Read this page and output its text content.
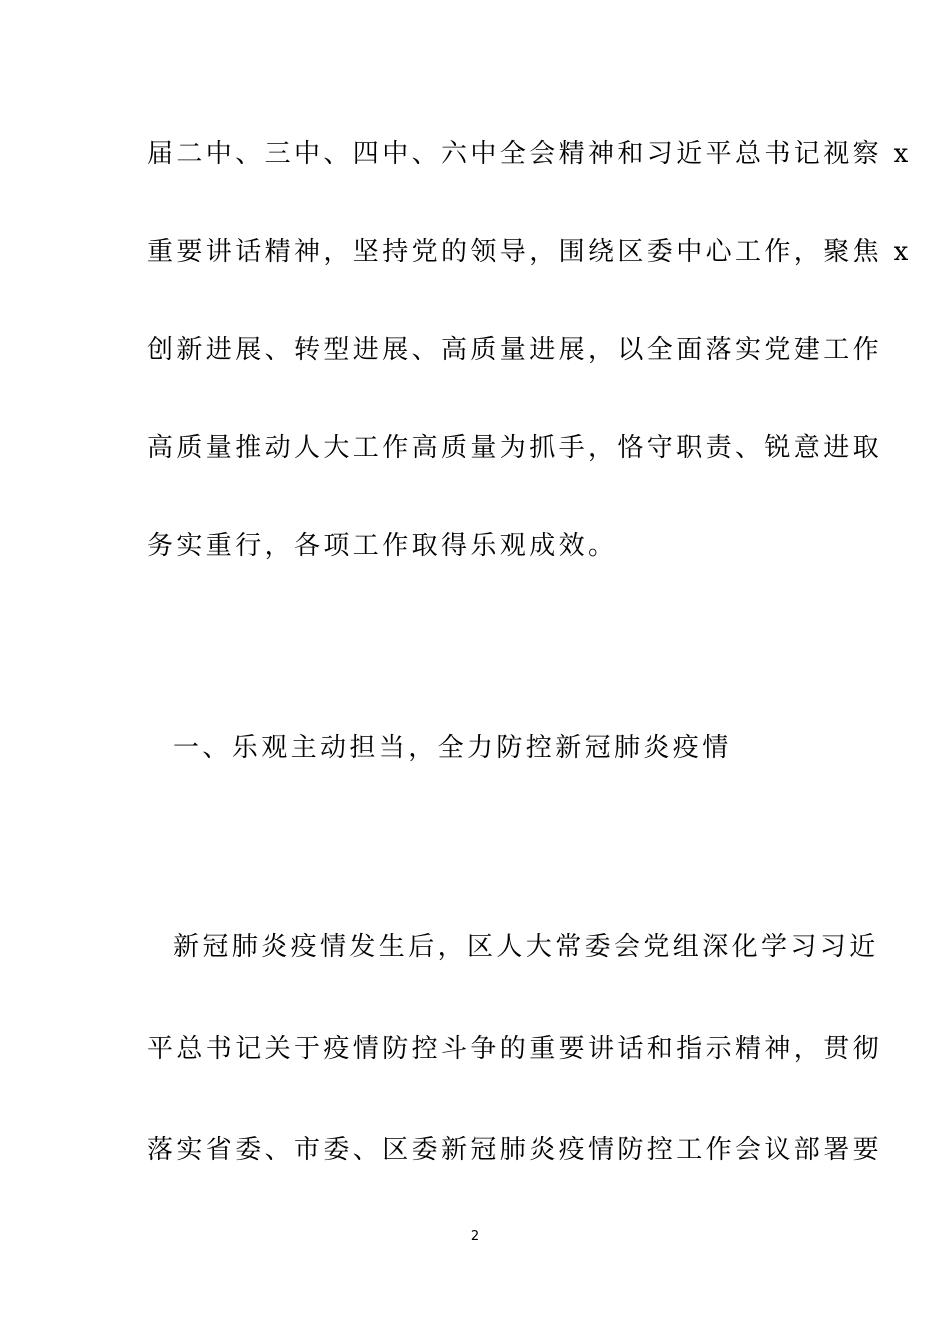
届二中、三中、四中、六中全会精神和习近平总书记视察 x
重要讲话精神，坚持党的领导，围绕区委中心工作，聚焦 x
创新进展、转型进展、高质量进展，以全面落实党建工作
高质量推动人大工作高质量为抓手，恪守职责、锐意进取
务实重行，各项工作取得乐观成效。
一、乐观主动担当，全力防控新冠肺炎疫情
新冠肺炎疫情发生后，区人大常委会党组深化学习习近
平总书记关于疫情防控斗争的重要讲话和指示精神，贯彻
落实省委、市委、区委新冠肺炎疫情防控工作会议部署要
2
